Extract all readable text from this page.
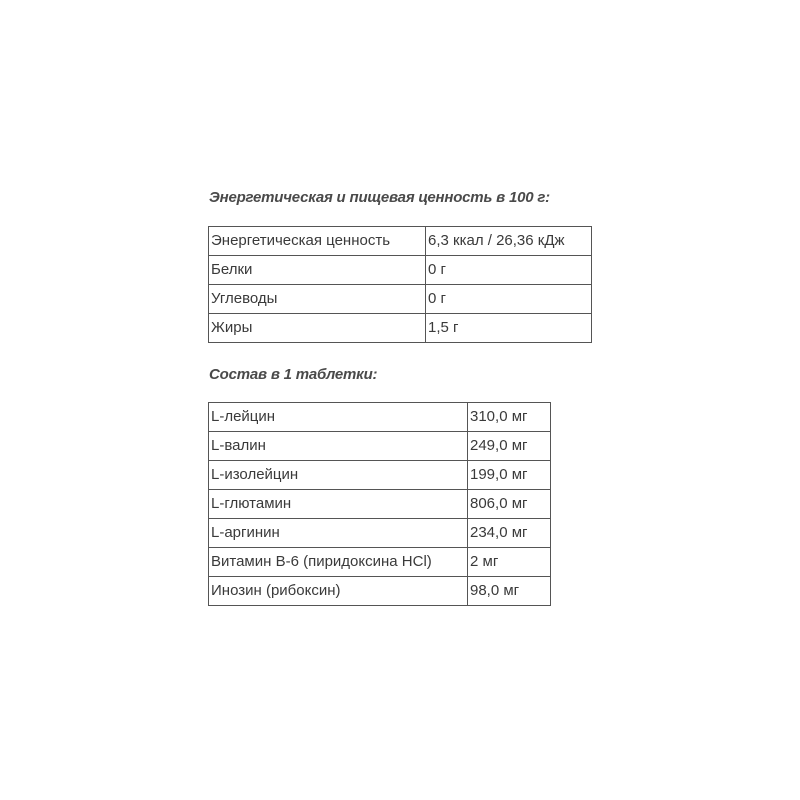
Энергетическая и пищевая ценность в 100 г:

Энергетическая ценность	6,3 ккал / 26,36 кДж
Белки	0 г
Углеводы	0 г
Жиры	1,5 г

Состав в 1 таблетки:

L-лейцин	310,0 мг
L-валин	249,0 мг
L-изолейцин	199,0 мг
L-глютамин	806,0 мг
L-аргинин	234,0 мг
Витамин В-6 (пиридоксина HCl)	2 мг
Инозин (рибоксин)	98,0 мг
